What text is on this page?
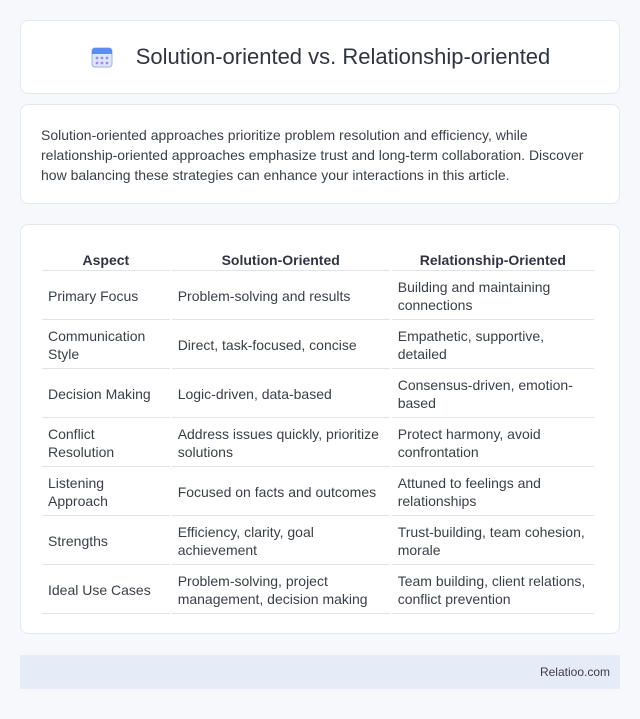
Solution-oriented vs. Relationship-oriented

Solution-oriented approaches prioritize problem resolution and efficiency, while relationship-oriented approaches emphasize trust and long-term collaboration. Discover how balancing these strategies can enhance your interactions in this article.

Aspect	Solution-Oriented	Relationship-Oriented
Primary Focus	Problem-solving and results	Building and maintaining connections
Communication Style	Direct, task-focused, concise	Empathetic, supportive, detailed
Decision Making	Logic-driven, data-based	Consensus-driven, emotion-based
Conflict Resolution	Address issues quickly, prioritize solutions	Protect harmony, avoid confrontation
Listening Approach	Focused on facts and outcomes	Attuned to feelings and relationships
Strengths	Efficiency, clarity, goal achievement	Trust-building, team cohesion, morale
Ideal Use Cases	Problem-solving, project management, decision making	Team building, client relations, conflict prevention
Relatioo.com
